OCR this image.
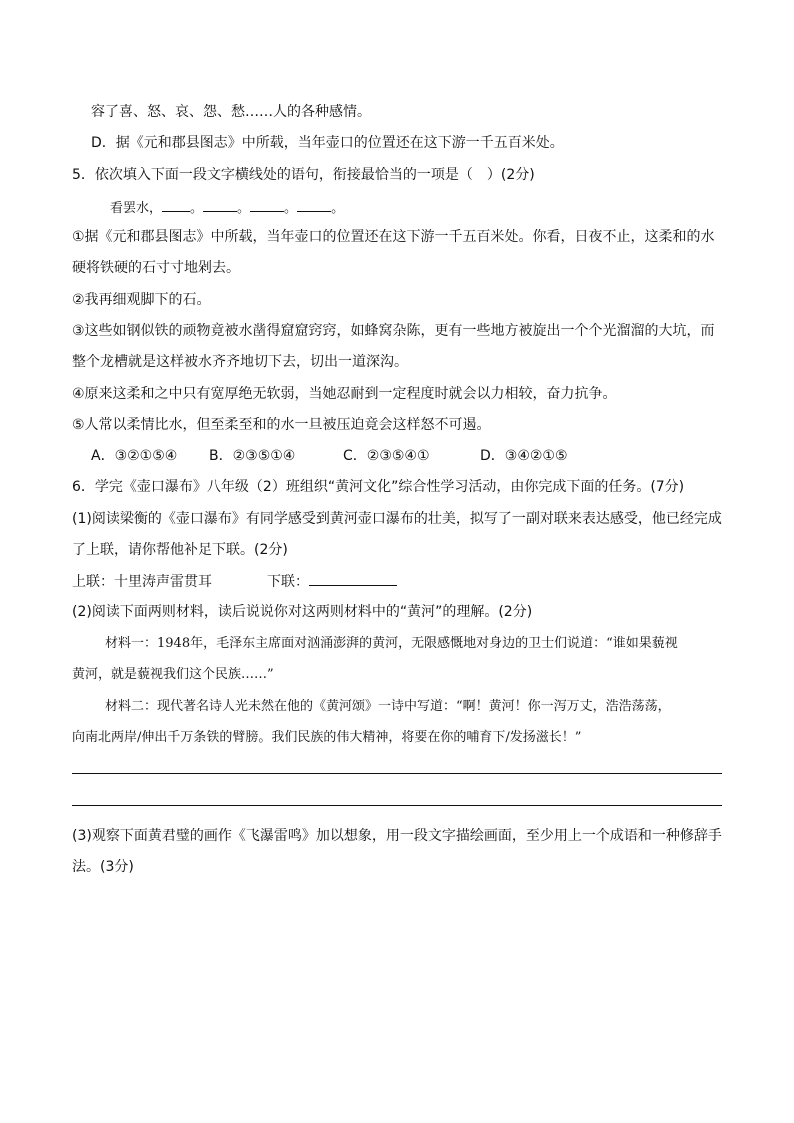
容了喜、怒、哀、怨、愁……人的各种感情。
D．据《元和郡县图志》中所载，当年壶口的位置还在这下游一千五百米处。
5．依次填入下面一段文字横线处的语句，衔接最恰当的一项是（　）(2分)
看罢水， 。	。	。	。
①据《元和郡县图志》中所载，当年壶口的位置还在这下游一千五百米处。你看，日夜不止，这柔和的水
硬将铁硬的石寸寸地剁去。
②我再细观脚下的石。
③这些如钢似铁的顽物竟被水凿得窟窟窍窍，如蜂窝杂陈，更有一些地方被旋出一个个光溜溜的大坑，而
整个龙槽就是这样被水齐齐地切下去，切出一道深沟。
④原来这柔和之中只有宽厚绝无软弱，当她忍耐到一定程度时就会以力相较，奋力抗争。
⑤人常以柔情比水，但至柔至和的水一旦被压迫竟会这样怒不可遏。
A．③②①⑤④ B．②③⑤①④	C．②③⑤④①	D．③④②①⑤
6．学完《壶口瀑布》八年级（2）班组织“黄河文化”综合性学习活动，由你完成下面的任务。(7分)
(1)阅读梁衡的《壶口瀑布》有同学感受到黄河壶口瀑布的壮美，拟写了一副对联来表达感受，他已经完成
了上联，请你帮他补足下联。(2分)
上联：十里涛声雷贯耳	下联：
(2)阅读下面两则材料，读后说说你对这两则材料中的“黄河”的理解。(2分)
材料一：1948年，毛泽东主席面对汹涌澎湃的黄河，无限感慨地对身边的卫士们说道：“谁如果藐视
黄河，就是藐视我们这个民族……”
材料二：现代著名诗人光未然在他的《黄河颂》一诗中写道：“啊！黄河！你一泻万丈，浩浩荡荡，
向南北两岸/伸出千万条铁的臂膀。我们民族的伟大精神，将要在你的哺育下/发扬滋长！”
(3)观察下面黄君璧的画作《飞瀑雷鸣》加以想象，用一段文字描绘画面，至少用上一个成语和一种修辞手
法。(3分)
